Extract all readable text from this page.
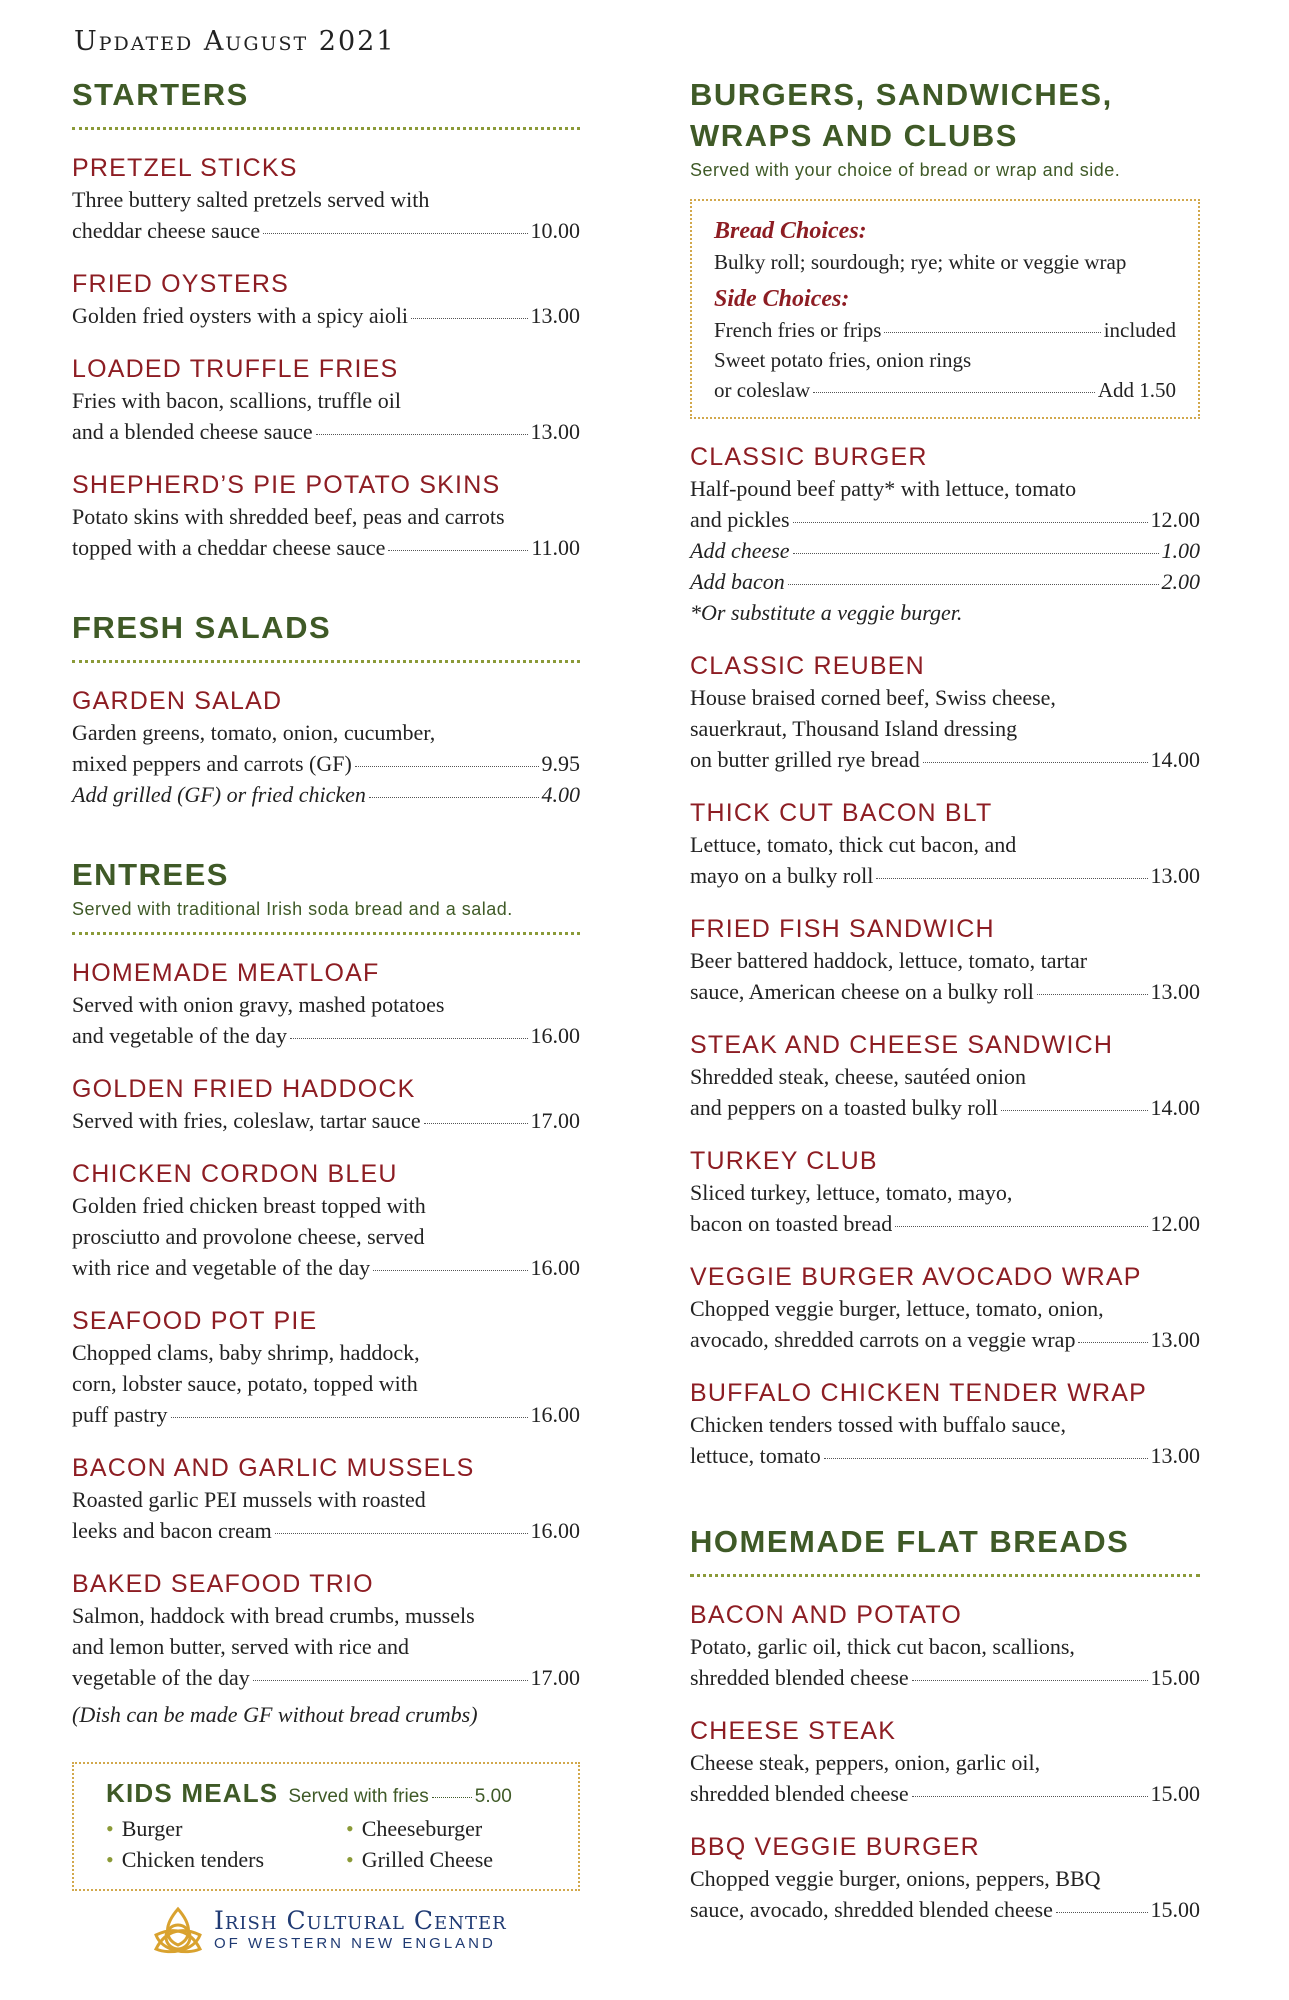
Updated August 2021
STARTERS
PRETZEL STICKS
Three buttery salted pretzels served with
cheddar cheese sauce	10.00
FRIED OYSTERS
Golden fried oysters with a spicy aioli	13.00
LOADED TRUFFLE FRIES
Fries with bacon, scallions, truffle oil
and a blended cheese sauce	13.00
SHEPHERD’S PIE POTATO SKINS
Potato skins with shredded beef, peas and carrots
topped with a cheddar cheese sauce	11.00
FRESH SALADS
GARDEN SALAD
Garden greens, tomato, onion, cucumber,
mixed peppers and carrots (GF)	9.95
Add grilled (GF) or fried chicken	4.00
ENTREES
Served with traditional Irish soda bread and a salad.
HOMEMADE MEATLOAF
Served with onion gravy, mashed potatoes
and vegetable of the day	16.00
GOLDEN FRIED HADDOCK
Served with fries, coleslaw, tartar sauce	17.00
CHICKEN CORDON BLEU
Golden fried chicken breast topped with
prosciutto and provolone cheese, served
with rice and vegetable of the day	16.00
SEAFOOD POT PIE
Chopped clams, baby shrimp, haddock,
corn, lobster sauce, potato, topped with
puff pastry	16.00
BACON AND GARLIC MUSSELS
Roasted garlic PEI mussels with roasted
leeks and bacon cream	16.00
BAKED SEAFOOD TRIO
Salmon, haddock with bread crumbs, mussels
and lemon butter, served with rice and
vegetable of the day	17.00
(Dish can be made GF without bread crumbs)
KIDS MEALS Served with fries 5.00
• Burger	• Cheeseburger
• Chicken tenders	• Grilled Cheese
Irish Cultural Center
OF WESTERN NEW ENGLAND
BURGERS, SANDWICHES,
WRAPS AND CLUBS
Served with your choice of bread or wrap and side.
Bread Choices:
Bulky roll; sourdough; rye; white or veggie wrap
Side Choices:
French fries or frips	included
Sweet potato fries, onion rings
or coleslaw	Add 1.50
CLASSIC BURGER
Half-pound beef patty* with lettuce, tomato
and pickles	12.00
Add cheese	1.00
Add bacon	2.00
*Or substitute a veggie burger.
CLASSIC REUBEN
House braised corned beef, Swiss cheese,
sauerkraut, Thousand Island dressing
on butter grilled rye bread	14.00
THICK CUT BACON BLT
Lettuce, tomato, thick cut bacon, and
mayo on a bulky roll	13.00
FRIED FISH SANDWICH
Beer battered haddock, lettuce, tomato, tartar
sauce, American cheese on a bulky roll	13.00
STEAK AND CHEESE SANDWICH
Shredded steak, cheese, sautéed onion
and peppers on a toasted bulky roll	14.00
TURKEY CLUB
Sliced turkey, lettuce, tomato, mayo,
bacon on toasted bread	12.00
VEGGIE BURGER AVOCADO WRAP
Chopped veggie burger, lettuce, tomato, onion,
avocado, shredded carrots on a veggie wrap	13.00
BUFFALO CHICKEN TENDER WRAP
Chicken tenders tossed with buffalo sauce,
lettuce, tomato	13.00
HOMEMADE FLAT BREADS
BACON AND POTATO
Potato, garlic oil, thick cut bacon, scallions,
shredded blended cheese	15.00
CHEESE STEAK
Cheese steak, peppers, onion, garlic oil,
shredded blended cheese	15.00
BBQ VEGGIE BURGER
Chopped veggie burger, onions, peppers, BBQ
sauce, avocado, shredded blended cheese	15.00
